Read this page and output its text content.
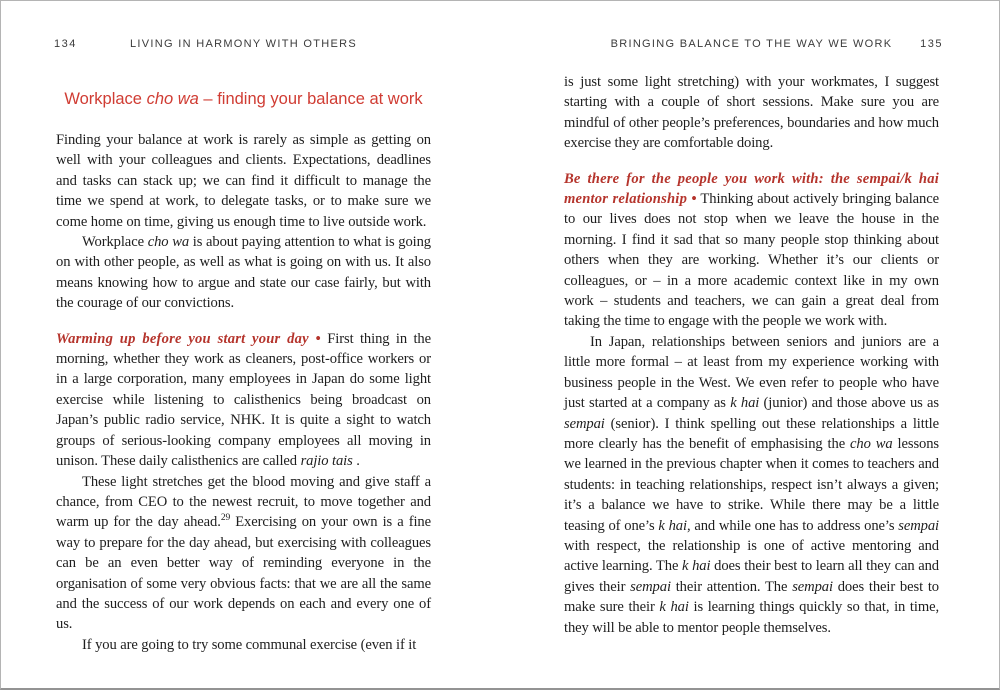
134	LIVING IN HARMONY WITH OTHERS
Workplace cho wa – finding your balance at work

Finding your balance at work is rarely as simple as getting on well with your colleagues and clients. Expectations, deadlines and tasks can stack up; we can find it difficult to manage the time we spend at work, to delegate tasks, or to make sure we come home on time, giving us enough time to live outside work.

Workplace cho wa is about paying attention to what is going on with other people, as well as what is going on with us. It also means knowing how to argue and state our case fairly, but with the courage of our convictions.

Warming up before you start your day • First thing in the morning, whether they work as cleaners, post-office workers or in a large corporation, many employees in Japan do some light exercise while listening to calisthenics being broadcast on Japan’s public radio service, NHK. It is quite a sight to watch groups of serious-looking company employees all moving in unison. These daily calisthenics are called rajio tais .

These light stretches get the blood moving and give staff a chance, from CEO to the newest recruit, to move together and warm up for the day ahead.$^{29}$ Exercising on your own is a fine way to prepare for the day ahead, but exercising with colleagues can be an even better way of reminding everyone in the organisation of some very obvious facts: that we are all the same and the success of our work depends on each and every one of us.

If you are going to try some communal exercise (even if it

BRINGING BALANCE TO THE WAY WE WORK	135

is just some light stretching) with your workmates, I suggest starting with a couple of short sessions. Make sure you are mindful of other people’s preferences, boundaries and how much exercise they are comfortable doing.

Be there for the people you work with: the sempai/k hai mentor relationship • Thinking about actively bringing balance to our lives does not stop when we leave the house in the morning. I find it sad that so many people stop thinking about others when they are working. Whether it’s our clients or colleagues, or – in a more academic context like in my own work – students and teachers, we can gain a great deal from taking the time to engage with the people we work with.

In Japan, relationships between seniors and juniors are a little more formal – at least from my experience working with business people in the West. We even refer to people who have just started at a company as k hai (junior) and those above us as sempai (senior). I think spelling out these relationships a little more clearly has the benefit of emphasising the cho wa lessons we learned in the previous chapter when it comes to teachers and students: in teaching relationships, respect isn’t always a given; it’s a balance we have to strike. While there may be a little teasing of one’s k hai, and while one has to address one’s sempai with respect, the relationship is one of active mentoring and active learning. The k hai does their best to learn all they can and gives their sempai their attention. The sempai does their best to make sure their k hai is learning things quickly so that, in time, they will be able to mentor people themselves.
